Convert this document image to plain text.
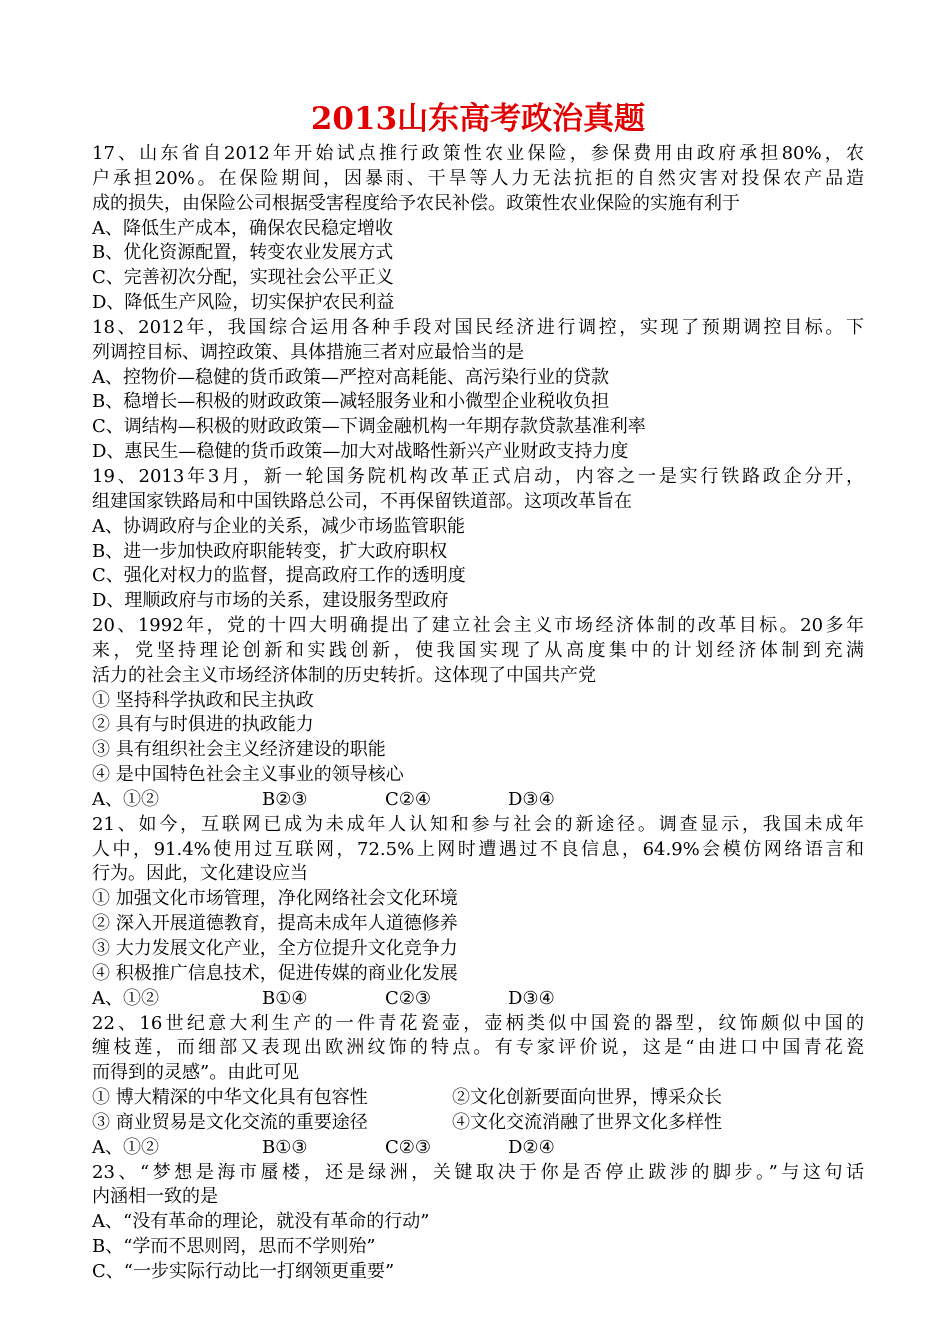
2013山东高考政治真题
17、山东省自2012年开始试点推行政策性农业保险，参保费用由政府承担80%，农
户承担20%。在保险期间，因暴雨、干旱等人力无法抗拒的自然灾害对投保农产品造
成的损失，由保险公司根据受害程度给予农民补偿。政策性农业保险的实施有利于
A、降低生产成本，确保农民稳定增收
B、优化资源配置，转变农业发展方式
C、完善初次分配，实现社会公平正义
D、降低生产风险，切实保护农民利益
18、2012年，我国综合运用各种手段对国民经济进行调控，实现了预期调控目标。下
列调控目标、调控政策、具体措施三者对应最恰当的是
A、控物价—稳健的货币政策—严控对高耗能、高污染行业的贷款
B、稳增长—积极的财政政策—减轻服务业和小微型企业税收负担
C、调结构—积极的财政政策—下调金融机构一年期存款贷款基准利率
D、惠民生—稳健的货币政策—加大对战略性新兴产业财政支持力度
19、2013年3月，新一轮国务院机构改革正式启动，内容之一是实行铁路政企分开，
组建国家铁路局和中国铁路总公司，不再保留铁道部。这项改革旨在
A、协调政府与企业的关系，减少市场监管职能
B、进一步加快政府职能转变，扩大政府职权
C、强化对权力的监督，提高政府工作的透明度
D、理顺政府与市场的关系，建设服务型政府
20、1992年，党的十四大明确提出了建立社会主义市场经济体制的改革目标。20多年
来，党坚持理论创新和实践创新，使我国实现了从高度集中的计划经济体制到充满
活力的社会主义市场经济体制的历史转折。这体现了中国共产党
① 坚持科学执政和民主执政
② 具有与时俱进的执政能力
③ 具有组织社会主义经济建设的职能
④ 是中国特色社会主义事业的领导核心
A、①②	B②③	C②④	D③④
21、如今，互联网已成为未成年人认知和参与社会的新途径。调查显示，我国未成年
人中，91.4%使用过互联网，72.5%上网时遭遇过不良信息，64.9%会模仿网络语言和
行为。因此，文化建设应当
① 加强文化市场管理，净化网络社会文化环境
② 深入开展道德教育，提高未成年人道德修养
③ 大力发展文化产业，全方位提升文化竞争力
④ 积极推广信息技术，促进传媒的商业化发展
A、①②	B①④	C②③	D③④
22、16世纪意大利生产的一件青花瓷壶，壶柄类似中国瓷的器型，纹饰颇似中国的
缠枝莲，而细部又表现出欧洲纹饰的特点。有专家评价说，这是“由进口中国青花瓷
而得到的灵感”。由此可见
① 博大精深的中华文化具有包容性	②文化创新要面向世界，博采众长
③ 商业贸易是文化交流的重要途径	④文化交流消融了世界文化多样性
A、①②	B①③	C②③	D②④
23、“梦想是海市蜃楼，还是绿洲，关键取决于你是否停止跋涉的脚步。”与这句话
内涵相一致的是
A、“没有革命的理论，就没有革命的行动”
B、“学而不思则罔，思而不学则殆”
C、“一步实际行动比一打纲领更重要”
